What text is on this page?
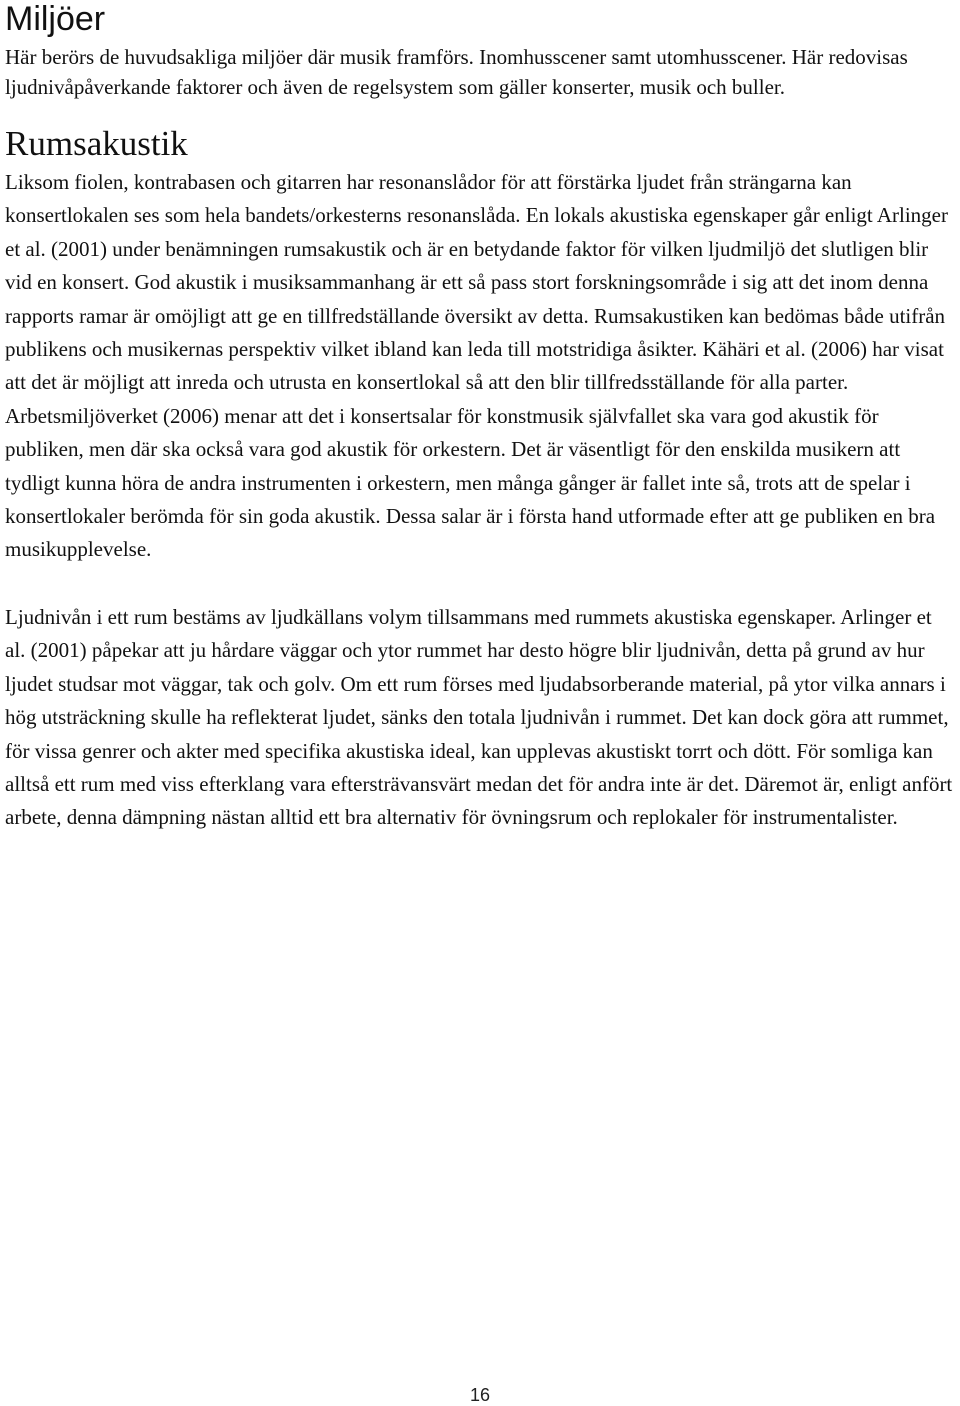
Miljöer

Här berörs de huvudsakliga miljöer där musik framförs. Inomhusscener samt utomhusscener. Här redovisas ljudnivåpåverkande faktorer och även de regelsystem som gäller konserter, musik och buller.

Rumsakustik

Liksom fiolen, kontrabasen och gitarren har resonanslådor för att förstärka ljudet från strängarna kan konsertlokalen ses som hela bandets/orkesterns resonanslåda. En lokals akustiska egenskaper går enligt Arlinger et al. (2001) under benämningen rumsakustik och är en betydande faktor för vilken ljudmiljö det slutligen blir vid en konsert. God akustik i musiksammanhang är ett så pass stort forskningsområde i sig att det inom denna rapports ramar är omöjligt att ge en tillfredställande översikt av detta. Rumsakustiken kan bedömas både utifrån publikens och musikernas perspektiv vilket ibland kan leda till motstridiga åsikter. Kähäri et al. (2006) har visat att det är möjligt att inreda och utrusta en konsertlokal så att den blir tillfredsställande för alla parter. Arbetsmiljöverket (2006) menar att det i konsertsalar för konstmusik självfallet ska vara god akustik för publiken, men där ska också vara god akustik för orkestern. Det är väsentligt för den enskilda musikern att tydligt kunna höra de andra instrumenten i orkestern, men många gånger är fallet inte så, trots att de spelar i konsertlokaler berömda för sin goda akustik. Dessa salar är i första hand utformade efter att ge publiken en bra musikupplevelse.

Ljudnivån i ett rum bestäms av ljudkällans volym tillsammans med rummets akustiska egenskaper. Arlinger et al. (2001) påpekar att ju hårdare väggar och ytor rummet har desto högre blir ljudnivån, detta på grund av hur ljudet studsar mot väggar, tak och golv. Om ett rum förses med ljudabsorberande material, på ytor vilka annars i hög utsträckning skulle ha reflekterat ljudet, sänks den totala ljudnivån i rummet. Det kan dock göra att rummet, för vissa genrer och akter med specifika akustiska ideal, kan upplevas akustiskt torrt och dött. För somliga kan alltså ett rum med viss efterklang vara eftersträvansvärt medan det för andra inte är det. Däremot är, enligt anfört arbete, denna dämpning nästan alltid ett bra alternativ för övningsrum och replokaler för instrumentalister.

16
